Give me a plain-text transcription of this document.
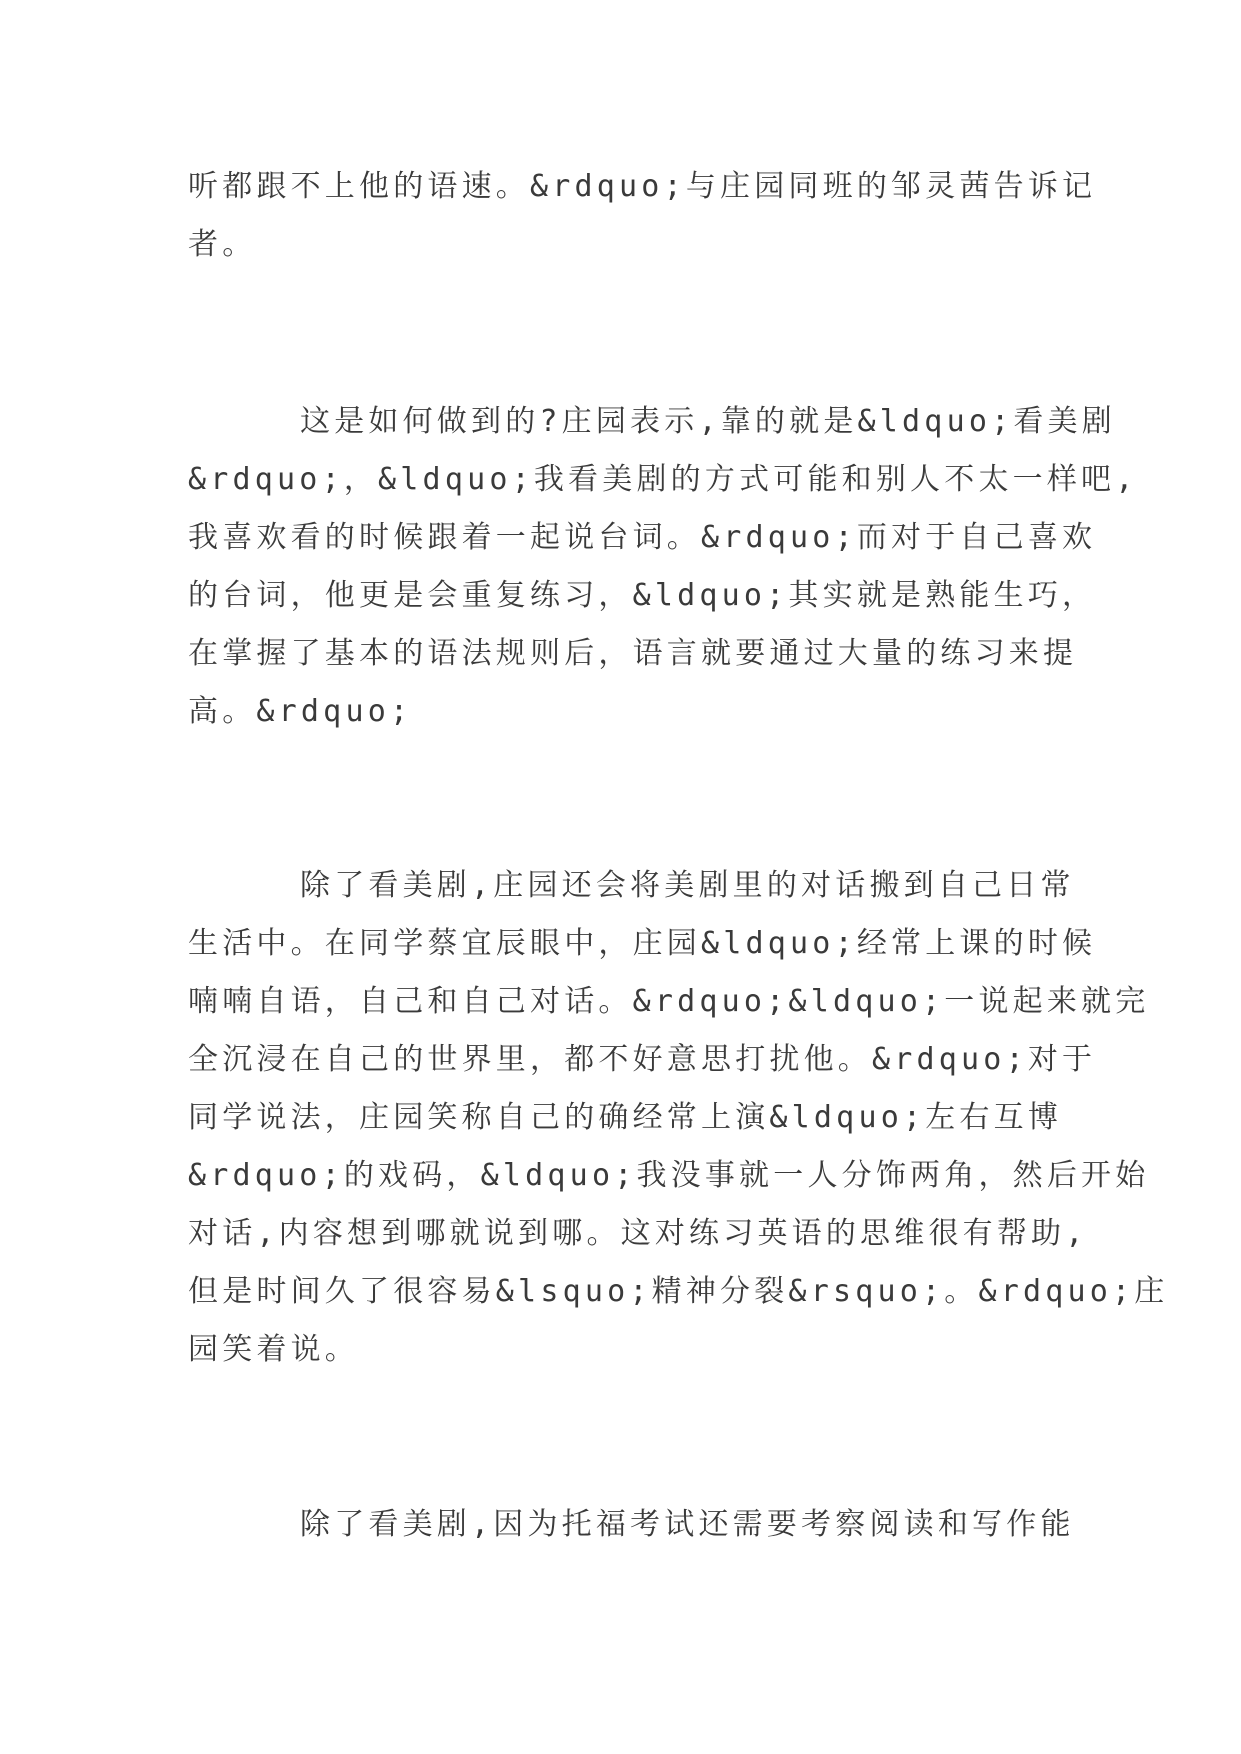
听都跟不上他的语速。&rdquo;与庄园同班的邹灵茜告诉记
者。

这是如何做到的?庄园表示,靠的就是&ldquo;看美剧
&rdquo;，&ldquo;我看美剧的方式可能和别人不太一样吧,
我喜欢看的时候跟着一起说台词。&rdquo;而对于自己喜欢
的台词，他更是会重复练习，&ldquo;其实就是熟能生巧，
在掌握了基本的语法规则后，语言就要通过大量的练习来提
高。&rdquo;

除了看美剧,庄园还会将美剧里的对话搬到自己日常
生活中。在同学蔡宜辰眼中，庄园&ldquo;经常上课的时候
喃喃自语，自己和自己对话。&rdquo;&ldquo;一说起来就完
全沉浸在自己的世界里，都不好意思打扰他。&rdquo;对于
同学说法，庄园笑称自己的确经常上演&ldquo;左右互博
&rdquo;的戏码，&ldquo;我没事就一人分饰两角，然后开始
对话,内容想到哪就说到哪。这对练习英语的思维很有帮助,
但是时间久了很容易&lsquo;精神分裂&rsquo;。&rdquo;庄
园笑着说。

除了看美剧,因为托福考试还需要考察阅读和写作能
